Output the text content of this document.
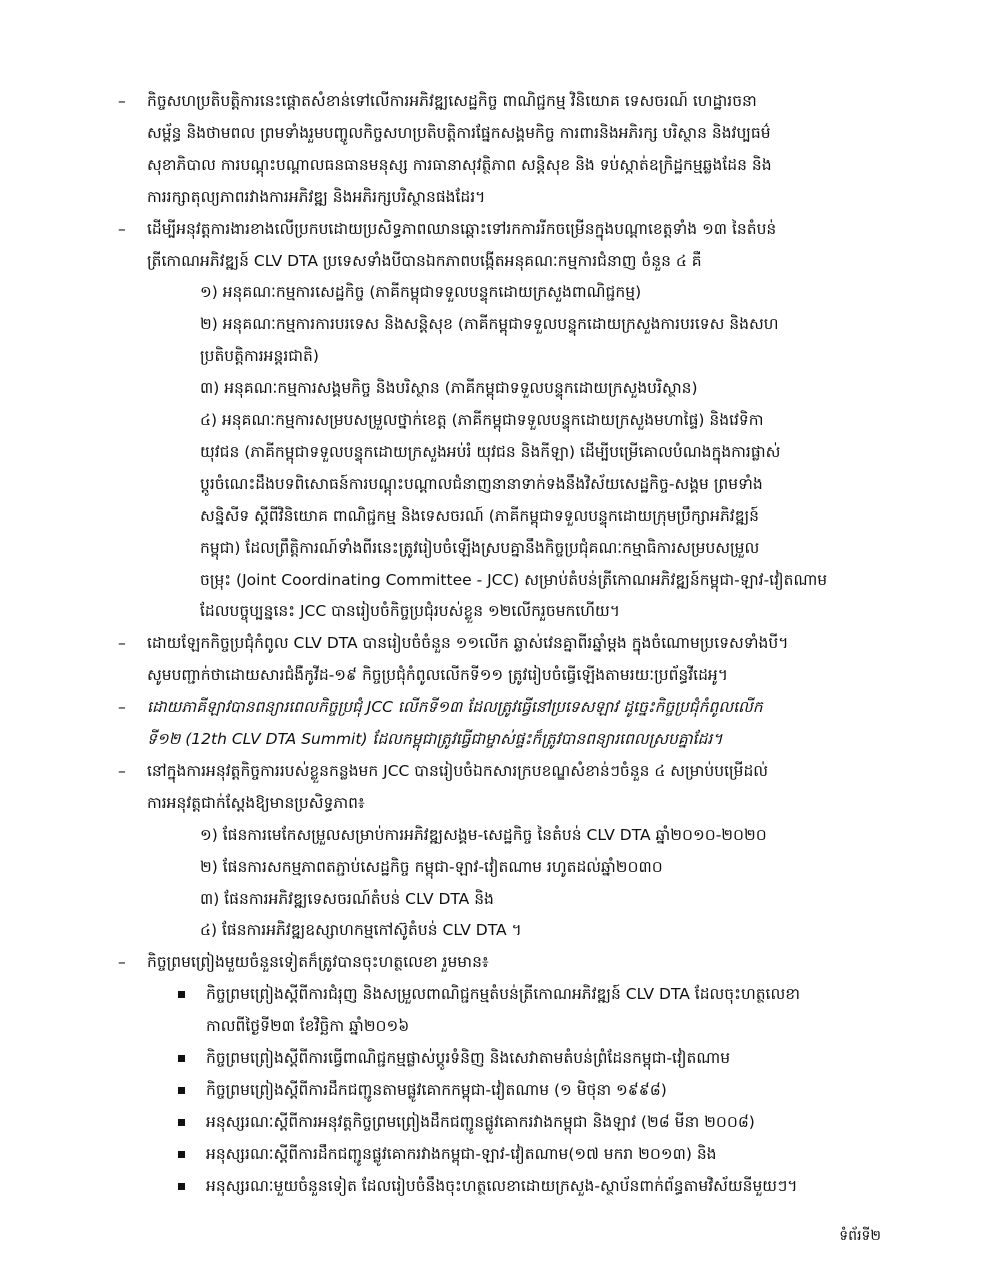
–	កិច្ចសហប្រតិបត្តិការនេះផ្តោតសំខាន់ទៅលើការអភិវឌ្ឍសេដ្ឋកិច្ច ពាណិជ្ជកម្ម វិនិយោគ ទេសចរណ៍ ហេដ្ឋារចនា
សម្ព័ន្ធ និងថាមពល ព្រមទាំងរួមបញ្ចូលកិច្ចសហប្រតិបត្តិការផ្នែកសង្គមកិច្ច ការពារនិងអភិរក្ស បរិស្ថាន និងវប្បធម៌
សុខាភិបាល ការបណ្តុះបណ្តាលធនធានមនុស្ស ការធានាសុវត្ថិភាព សន្តិសុខ និង ទប់ស្កាត់ឧក្រិដ្ឋកម្មឆ្លងដែន និង
ការរក្សាតុល្យភាពរវាងការអភិវឌ្ឍ និងអភិរក្សបរិស្ថានផងដែរ។
–	ដើម្បីអនុវត្តការងារខាងលើប្រកបដោយប្រសិទ្ធភាពឈានឆ្ពោះទៅរកការរីកចម្រើនក្នុងបណ្តាខេត្តទាំង ១៣ នៃតំបន់
ត្រីកោណអភិវឌ្ឍន៍ CLV DTA ប្រទេសទាំងបីបានឯកភាពបង្កើតអនុគណៈកម្មការជំនាញ ចំនួន ៤ គឺ
១) អនុគណៈកម្មការសេដ្ឋកិច្ច (ភាគីកម្ពុជាទទួលបន្ទុកដោយក្រសួងពាណិជ្ជកម្ម)
២) អនុគណៈកម្មការការបរទេស និងសន្តិសុខ (ភាគីកម្ពុជាទទួលបន្ទុកដោយក្រសួងការបរទេស និងសហ
ប្រតិបត្តិការអន្តរជាតិ)
៣) អនុគណៈកម្មការសង្គមកិច្ច និងបរិស្ថាន (ភាគីកម្ពុជាទទួលបន្ទុកដោយក្រសួងបរិស្ថាន)
៤) អនុគណៈកម្មការសម្របសម្រួលថ្នាក់ខេត្ត (ភាគីកម្ពុជាទទួលបន្ទុកដោយក្រសួងមហាផ្ទៃ) និងវេទិកា
យុវជន (ភាគីកម្ពុជាទទួលបន្ទុកដោយក្រសួងអប់រំ យុវជន និងកីឡា) ដើម្បីបម្រើគោលបំណងក្នុងការផ្លាស់
ប្តូរចំណេះដឹងបទពិសោធន៍ការបណ្តុះបណ្តាលជំនាញនានាទាក់ទងនឹងវិស័យសេដ្ឋកិច្ច-សង្គម ព្រមទាំង
សន្និសីទ ស្តីពីវិនិយោគ ពាណិជ្ជកម្ម និងទេសចរណ៍ (ភាគីកម្ពុជាទទួលបន្ទុកដោយក្រុមប្រឹក្សាអភិវឌ្ឍន៍
កម្ពុជា) ដែលព្រឹត្តិការណ៍ទាំងពីរនេះត្រូវរៀបចំឡើងស្របគ្នានឹងកិច្ចប្រជុំគណៈកម្មាធិការសម្របសម្រួល
ចម្រុះ (Joint Coordinating Committee - JCC) សម្រាប់តំបន់ត្រីកោណអភិវឌ្ឍន៍កម្ពុជា-ឡាវ-វៀតណាម
ដែលបច្ចុប្បន្ននេះ JCC បានរៀបចំកិច្ចប្រជុំរបស់ខ្លួន ១២លើករួចមកហើយ។
–	ដោយឡែកកិច្ចប្រជុំកំពូល CLV DTA បានរៀបចំចំនួន ១១លើក ឆ្លាស់វេនគ្នាពីរឆ្នាំម្តង ក្នុងចំណោមប្រទេសទាំងបី។
សូមបញ្ជាក់ថាដោយសារជំងឺកូវីដ-១៩ កិច្ចប្រជុំកំពូលលើកទី១១ ត្រូវរៀបចំធ្វើឡើងតាមរយៈប្រព័ន្ធវីដេអូ។
–	ដោយភាគីឡាវបានពន្យារពេលកិច្ចប្រជុំ JCC លើកទី១៣ ដែលត្រូវធ្វើនៅប្រទេសឡាវ ដូច្នេះកិច្ចប្រជុំកំពូលលើក
ទី១២ (12th CLV DTA Summit) ដែលកម្ពុជាត្រូវធ្វើជាម្ចាស់ផ្ទះក៏ត្រូវបានពន្យារពេលស្របគ្នាដែរ។
–	នៅក្នុងការអនុវត្តកិច្ចការរបស់ខ្លួនកន្លងមក JCC បានរៀបចំឯកសារក្របខណ្ឌសំខាន់ៗចំនួន ៤ សម្រាប់បម្រើដល់
ការអនុវត្តជាក់ស្តែងឱ្យមានប្រសិទ្ធភាព៖
១) ផែនការមេកែសម្រួលសម្រាប់ការអភិវឌ្ឍសង្គម-សេដ្ឋកិច្ច នៃតំបន់ CLV DTA ឆ្នាំ២០១០-២០២០
២) ផែនការសកម្មភាពតភ្ជាប់សេដ្ឋកិច្ច កម្ពុជា-ឡាវ-វៀតណាម រហូតដល់ឆ្នាំ២០៣០
៣) ផែនការអភិវឌ្ឍទេសចរណ៍តំបន់ CLV DTA និង
៤) ផែនការអភិវឌ្ឍឧស្សាហកម្មកៅស៊ូតំបន់ CLV DTA ។
–	កិច្ចព្រមព្រៀងមួយចំនួនទៀតក៏ត្រូវបានចុះហត្ថលេខា រួមមាន៖
កិច្ចព្រមព្រៀងស្តីពីការជំរុញ និងសម្រួលពាណិជ្ជកម្មតំបន់ត្រីកោណអភិវឌ្ឍន៍ CLV DTA ដែលចុះហត្ថលេខា
កាលពីថ្ងៃទី២៣ ខែវិច្ឆិកា ឆ្នាំ២០១៦
កិច្ចព្រមព្រៀងស្តីពីការធ្វើពាណិជ្ជកម្មផ្លាស់ប្តូរទំនិញ និងសេវាតាមតំបន់ព្រំដែនកម្ពុជា-វៀតណាម
កិច្ចព្រមព្រៀងស្តីពីការដឹកជញ្ជូនតាមផ្លូវគោកកម្ពុជា-វៀតណាម (១ មិថុនា ១៩៩៨)
អនុស្សរណៈស្តីពីការអនុវត្តកិច្ចព្រមព្រៀងដឹកជញ្ជូនផ្លូវគោករវាងកម្ពុជា និងឡាវ (២៨ មីនា ២០០៨)
អនុស្សរណៈស្តីពីការដឹកជញ្ជូនផ្លូវគោករវាងកម្ពុជា-ឡាវ-វៀតណាម(១៧ មករា ២០១៣) និង
អនុស្សរណៈមួយចំនួនទៀត ដែលរៀបចំនឹងចុះហត្ថលេខាដោយក្រសួង-ស្ថាប័នពាក់ព័ន្ធតាមវិស័យនីមួយៗ។
ទំព័រទី២
